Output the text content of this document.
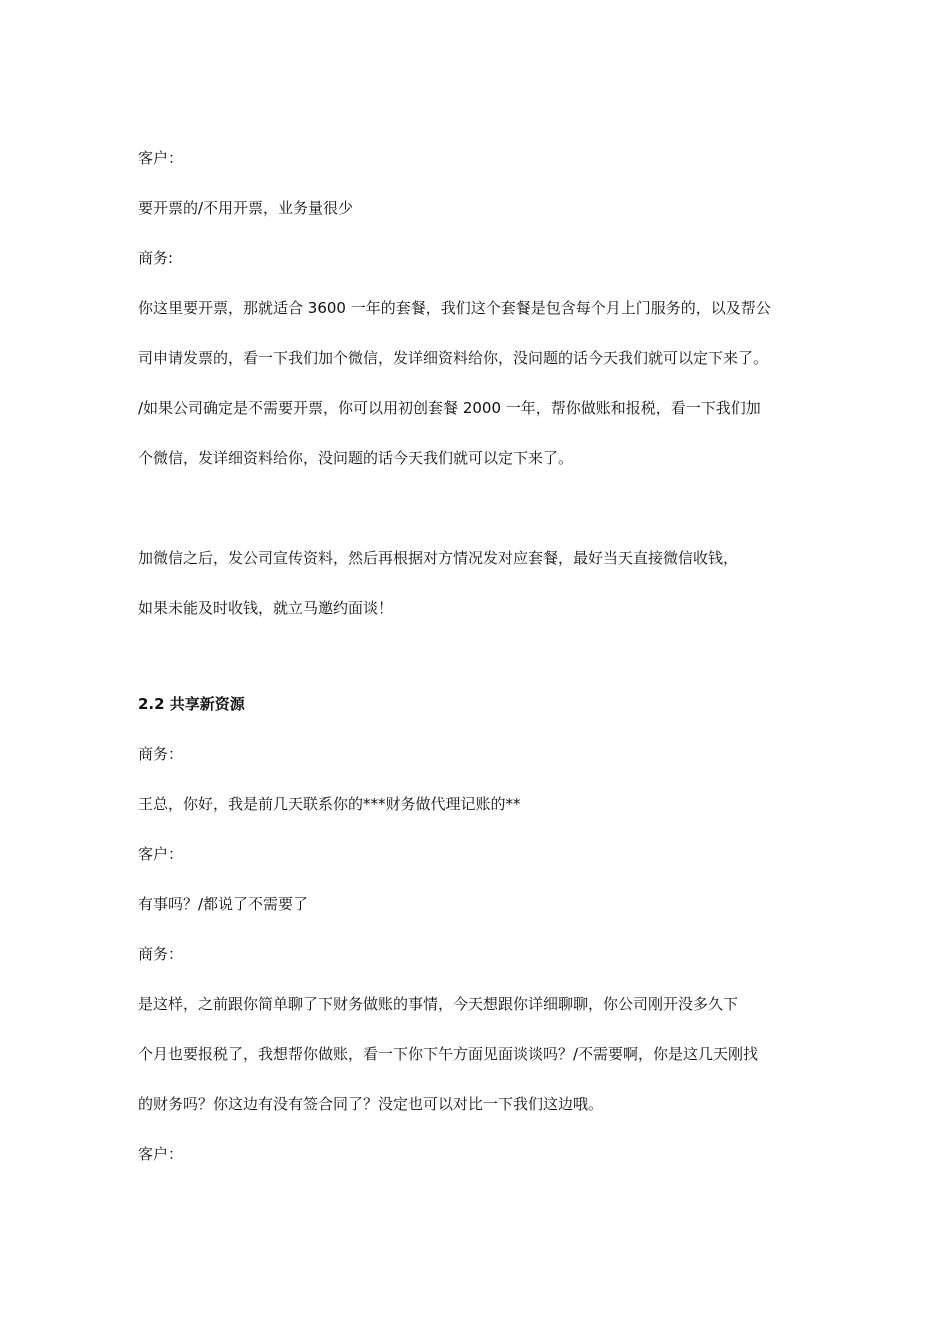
客户：
要开票的/不用开票，业务量很少
商务:
你这里要开票，那就适合 3600 一年的套餐，我们这个套餐是包含每个月上门服务的，以及帮公
司申请发票的，看一下我们加个微信，发详细资料给你，没问题的话今天我们就可以定下来了。
/如果公司确定是不需要开票，你可以用初创套餐 2000 一年，帮你做账和报税，看一下我们加
个微信，发详细资料给你，没问题的话今天我们就可以定下来了。
加微信之后，发公司宣传资料，然后再根据对方情况发对应套餐，最好当天直接微信收钱，
如果未能及时收钱，就立马邀约面谈！
2.2 共享新资源
商务：
王总，你好，我是前几天联系你的***财务做代理记账的**
客户：
有事吗？/都说了不需要了
商务：
是这样，之前跟你简单聊了下财务做账的事情，今天想跟你详细聊聊，你公司刚开没多久下
个月也要报税了，我想帮你做账，看一下你下午方面见面谈谈吗？/不需要啊，你是这几天刚找
的财务吗？你这边有没有签合同了？没定也可以对比一下我们这边哦。
客户：
